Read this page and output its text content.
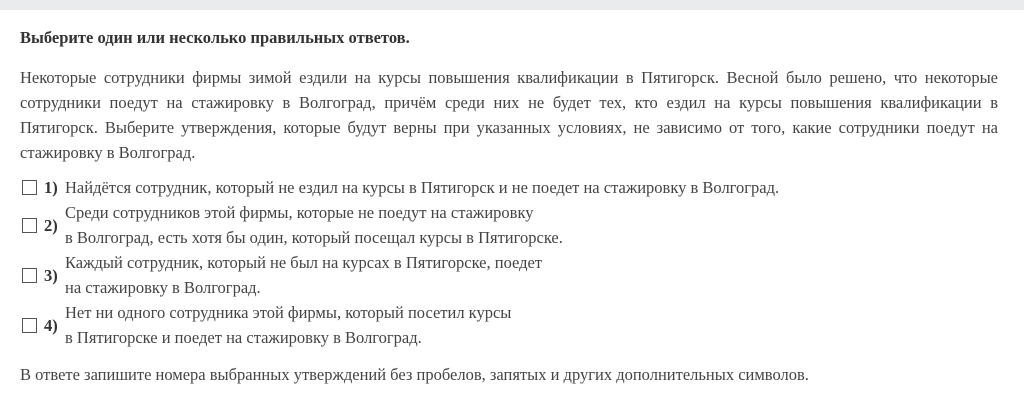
Выберите один или несколько правильных ответов.

Некоторые сотрудники фирмы зимой ездили на курсы повышения квалификации в Пятигорск. Весной было решено, что некоторые сотрудники поедут на стажировку в Волгоград, причём среди них не будет тех, кто ездил на курсы повышения квалификации в Пятигорск. Выберите утверждения, которые будут верны при указанных условиях, не зависимо от того, какие сотрудники поедут на стажировку в Волгоград.

1) Найдётся сотрудник, который не ездил на курсы в Пятигорск и не поедет на стажировку в Волгоград.
2)
Среди сотрудников этой фирмы, которые не поедут на стажировку
в Волгоград, есть хотя бы один, который посещал курсы в Пятигорске.
3)
Каждый сотрудник, который не был на курсах в Пятигорске, поедет
на стажировку в Волгоград.
4)
Нет ни одного сотрудника этой фирмы, который посетил курсы
в Пятигорске и поедет на стажировку в Волгоград.
В ответе запишите номера выбранных утверждений без пробелов, запятых и других дополнительных символов.
